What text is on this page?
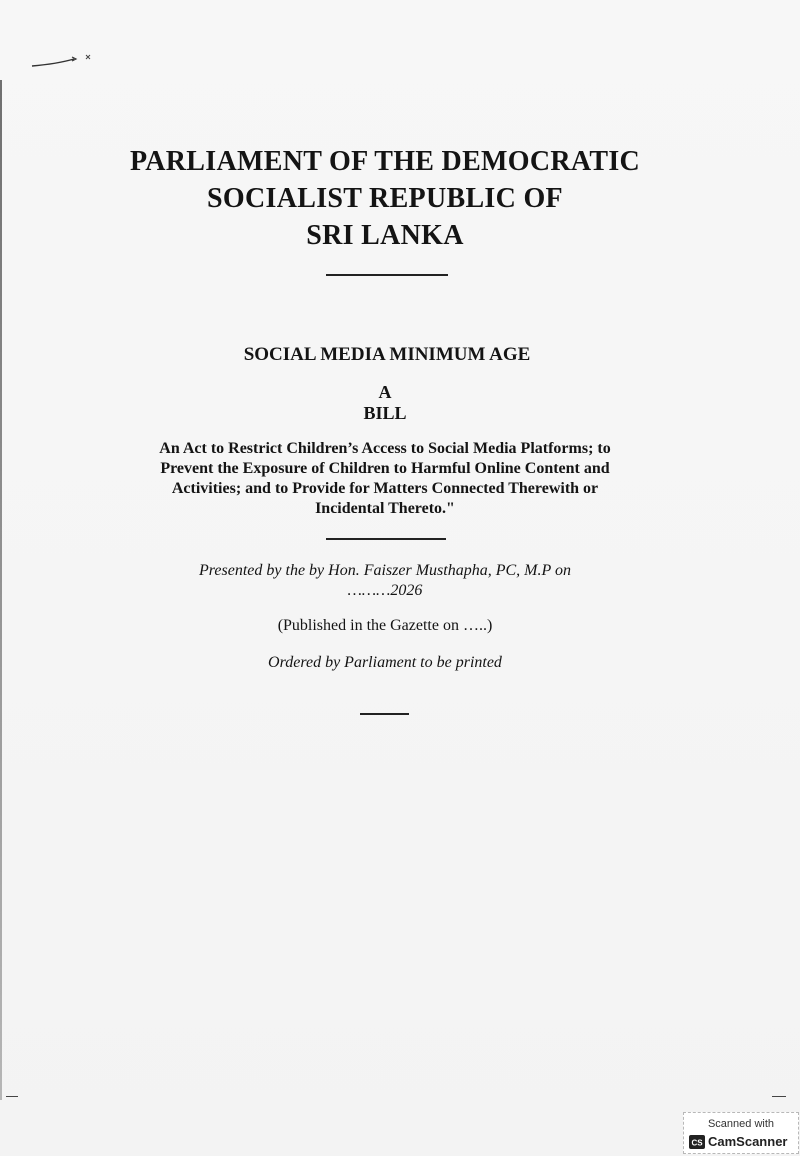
PARLIAMENT OF THE DEMOCRATIC
SOCIALIST REPUBLIC OF
SRI LANKA
SOCIAL MEDIA MINIMUM AGE
A
BILL
An Act to Restrict Children’s Access to Social Media Platforms; to
Prevent the Exposure of Children to Harmful Online Content and
Activities; and to Provide for Matters Connected Therewith or
Incidental Thereto."
Presented by the by Hon. Faiszer Musthapha, PC, M.P on
………2026
(Published in the Gazette on …..)
Ordered by Parliament to be printed
Scanned with
CS CamScanner
